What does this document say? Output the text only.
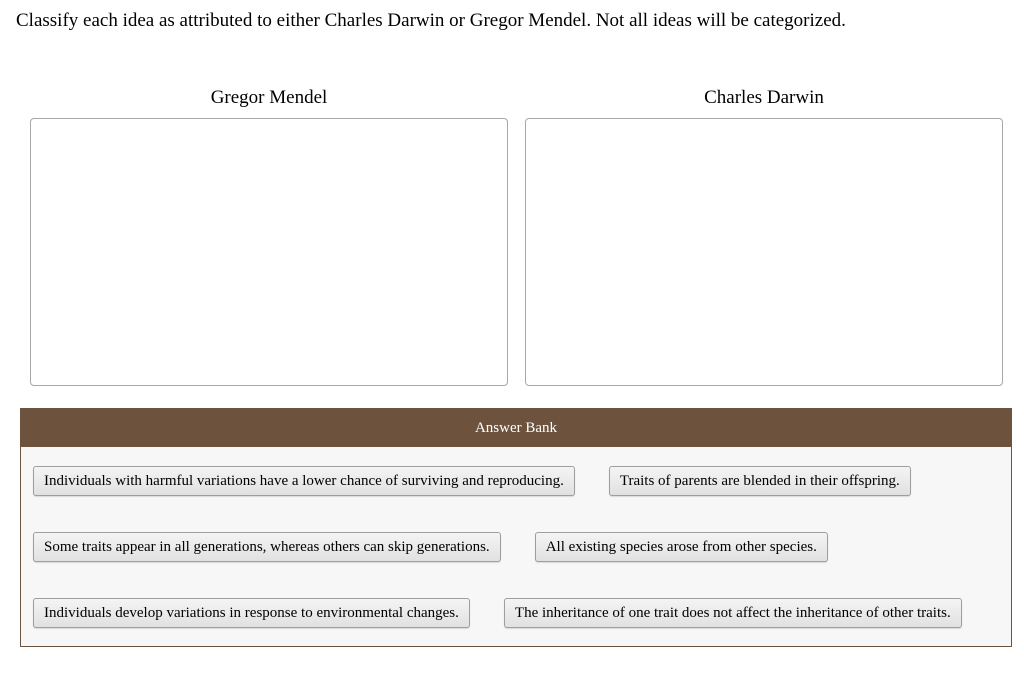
Classify each idea as attributed to either Charles Darwin or Gregor Mendel. Not all ideas will be categorized.
Gregor Mendel	Charles Darwin
Answer Bank
Individuals with harmful variations have a lower chance of surviving and reproducing.	Traits of parents are blended in their offspring.
Some traits appear in all generations, whereas others can skip generations.	All existing species arose from other species.
Individuals develop variations in response to environmental changes.	The inheritance of one trait does not affect the inheritance of other traits.
